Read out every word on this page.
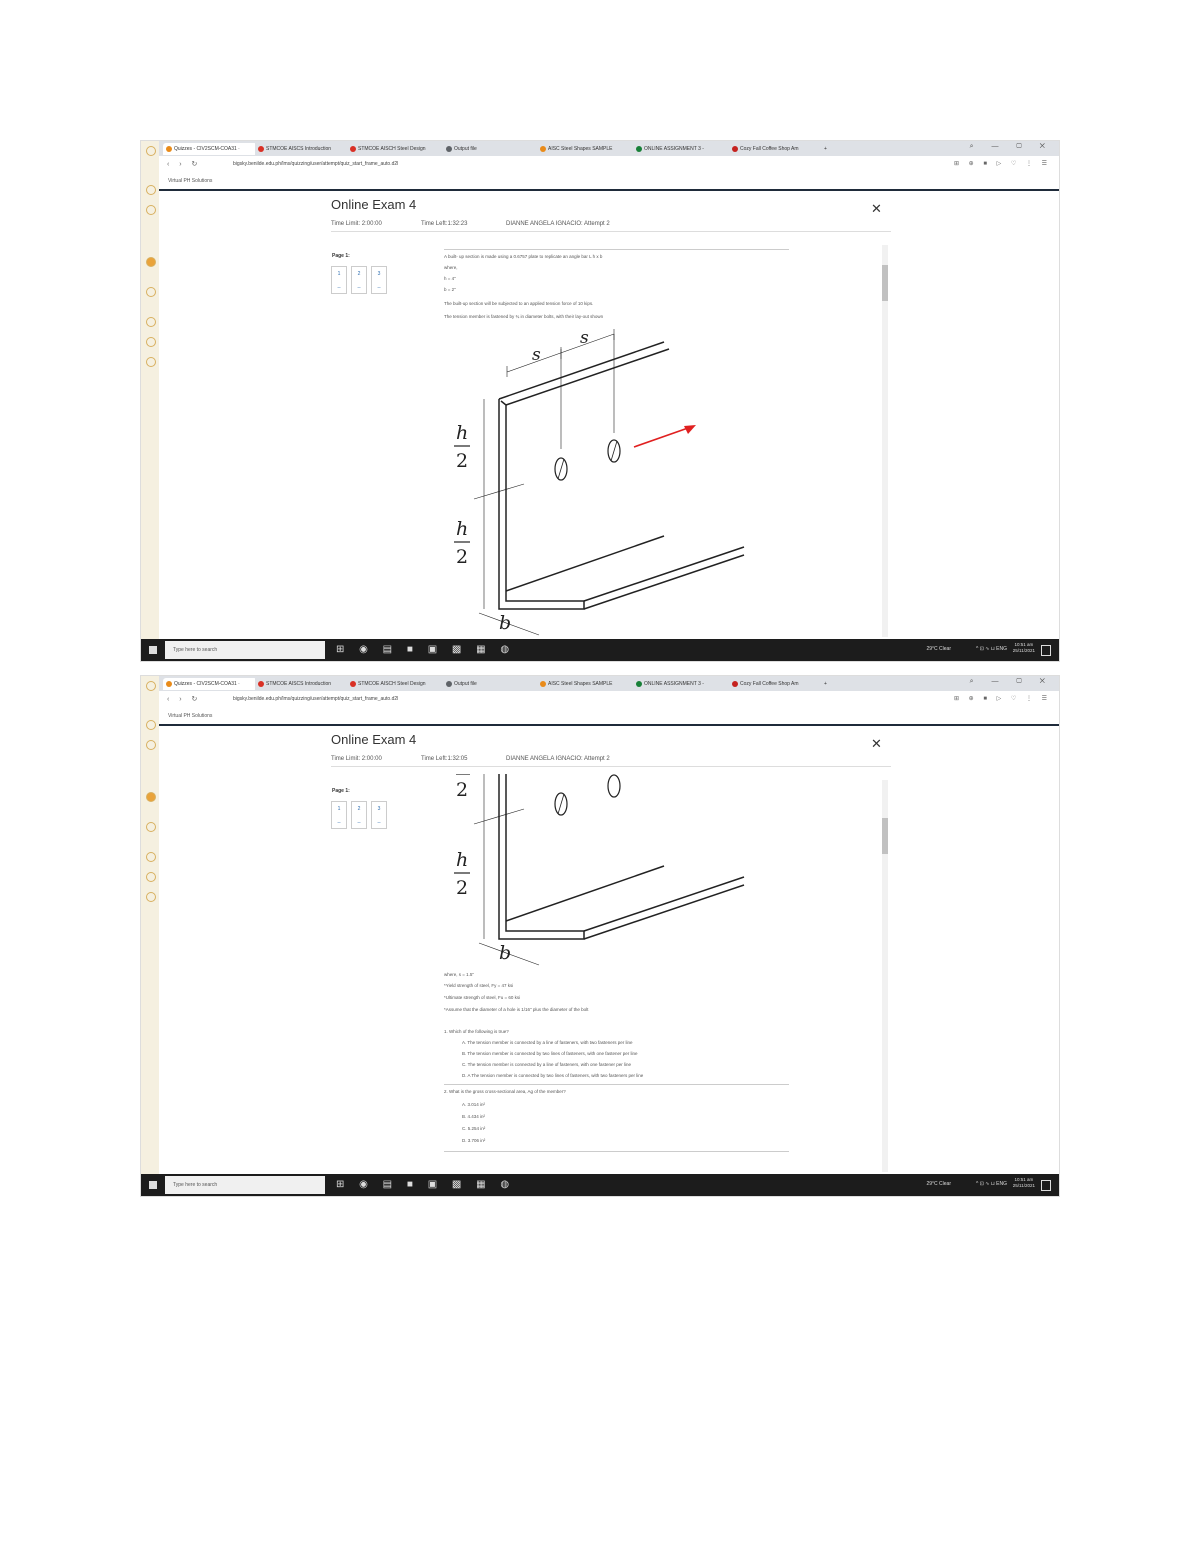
Quizzes - CIV2SCM-COA31 ·	STMCOE AISCS Introduction	STMCOE AISCH Steel Design	Output file	AISC Steel Shapes SAMPLE	ONLINE ASSIGNMENT 3 -	Cozy Fall Coffee Shop Am	+	⌕ — ▢ ✕
‹ › ↻	bigsky.benilde.edu.ph/lms/quizzing/user/attempt/quiz_start_frame_auto.d2l	⊞ ⊕ ■ ▷ ♡ ⋮ ☰
Virtual PH Solutions
Online Exam 4
Time Limit: 2:00:00	Time Left:1:32:23	DIANNE ANGELA IGNACIO: Attempt 2
✕
Page 1:
1
--2
--3
--
A built- up section is made using a 0.6757 plate to replicate an angle bar L h x b
where,
h = 4"
b = 2"
The built-up section will be subjected to an applied tension force of 10 kips.
The tension member is fastened by ¾ in diameter bolts, with their lay-out shown
s
s
h
2
h
2
b
Type here to search	⊞ ◉ ▤ ■ ▣ ▩ ▦ ◍	29°C Clear	^ ⊡ ∿ ⊔ ENG
10:51 am
25/11/2021
Quizzes - CIV2SCM-COA31 ·	STMCOE AISCS Introduction	STMCOE AISCH Steel Design	Output file	AISC Steel Shapes SAMPLE	ONLINE ASSIGNMENT 3 -	Cozy Fall Coffee Shop Am	+	⌕ — ▢ ✕
‹ › ↻	bigsky.benilde.edu.ph/lms/quizzing/user/attempt/quiz_start_frame_auto.d2l	⊞ ⊕ ■ ▷ ♡ ⋮ ☰
Virtual PH Solutions
Online Exam 4
Time Limit: 2:00:00	Time Left:1:32:05	DIANNE ANGELA IGNACIO: Attempt 2
✕
Page 1:
1
--2
--3
--
2
h
2
b
where, s = 1.5"
*Yield strength of steel, Fy = 47 ksi
*Ultimate strength of steel, Fu = 60 ksi
*Assume that the diameter of a hole is 1/16" plus the diameter of the bolt
1. Which of the following is true?
A. The tension member is connected by a line of fasteners, with two fasteners per line
B. The tension member is connected by two lines of fasteners, with one fastener per line
C. The tension member is connected by a line of fasteners, with one fastener per line
D. A The tension member is connected by two lines of fasteners, with two fasteners per line
2. What is the gross cross-sectional area, Ag of the member?
A. 3.014 in²
B. 4.434 in²
C. 5.254 in²
D. 3.706 in²
Type here to search	⊞ ◉ ▤ ■ ▣ ▩ ▦ ◍	29°C Clear	^ ⊡ ∿ ⊔ ENG
10:51 am
25/11/2021
